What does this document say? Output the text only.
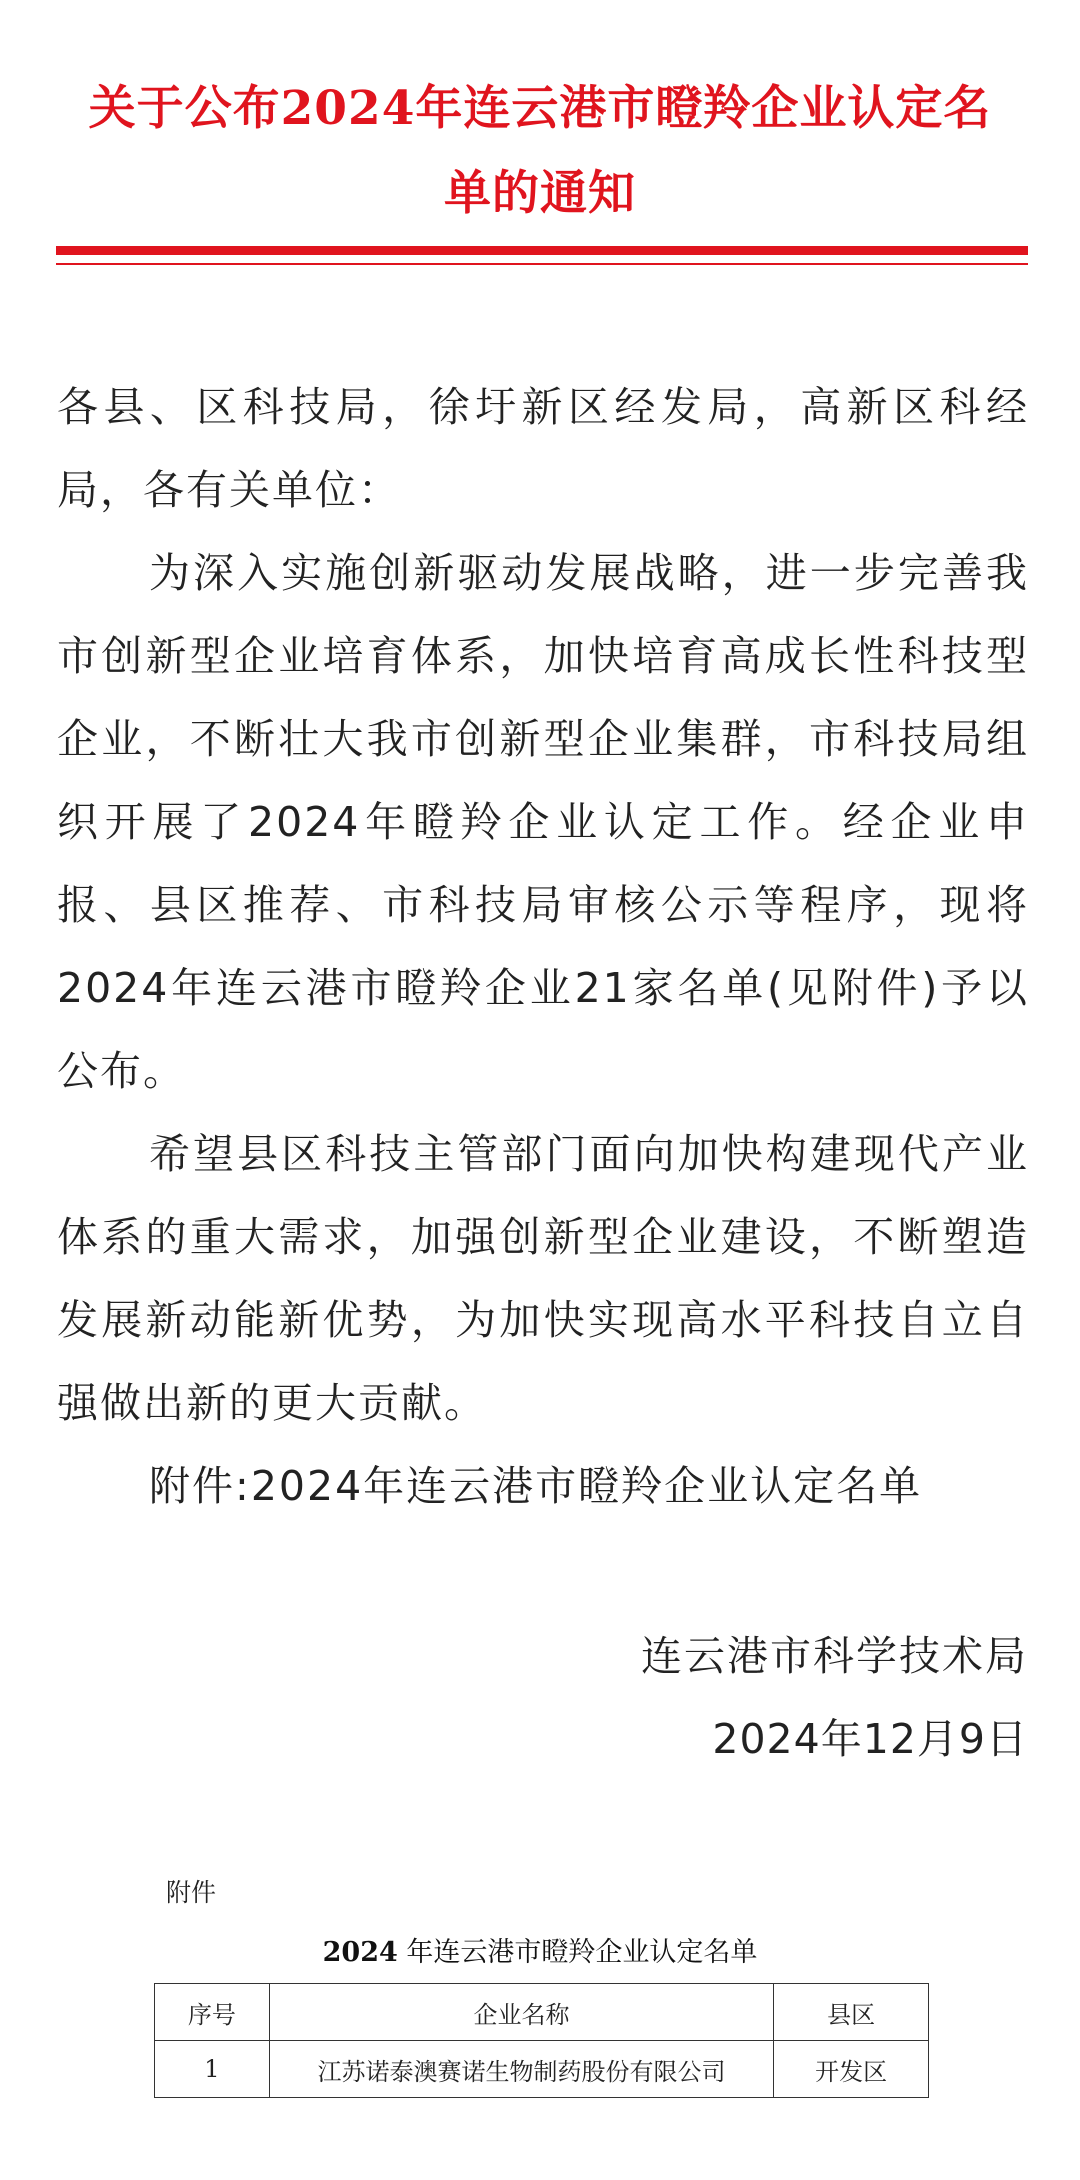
关于公布2024年连云港市瞪羚企业认定名
单的通知

各县、区科技局，徐圩新区经发局，高新区科经局，各有关单位：

为深入实施创新驱动发展战略，进一步完善我市创新型企业培育体系，加快培育高成长性科技型企业，不断壮大我市创新型企业集群，市科技局组织开展了2024年瞪羚企业认定工作。经企业申报、县区推荐、市科技局审核公示等程序，现将2024年连云港市瞪羚企业21家名单(见附件)予以公布。

希望县区科技主管部门面向加快构建现代产业体系的重大需求，加强创新型企业建设，不断塑造发展新动能新优势，为加快实现高水平科技自立自强做出新的更大贡献。

附件:2024年连云港市瞪羚企业认定名单

连云港市科学技术局
2024年12月9日
附件
2024 年连云港市瞪羚企业认定名单
序号	企业名称	县区
1	江苏诺泰澳赛诺生物制药股份有限公司	开发区
